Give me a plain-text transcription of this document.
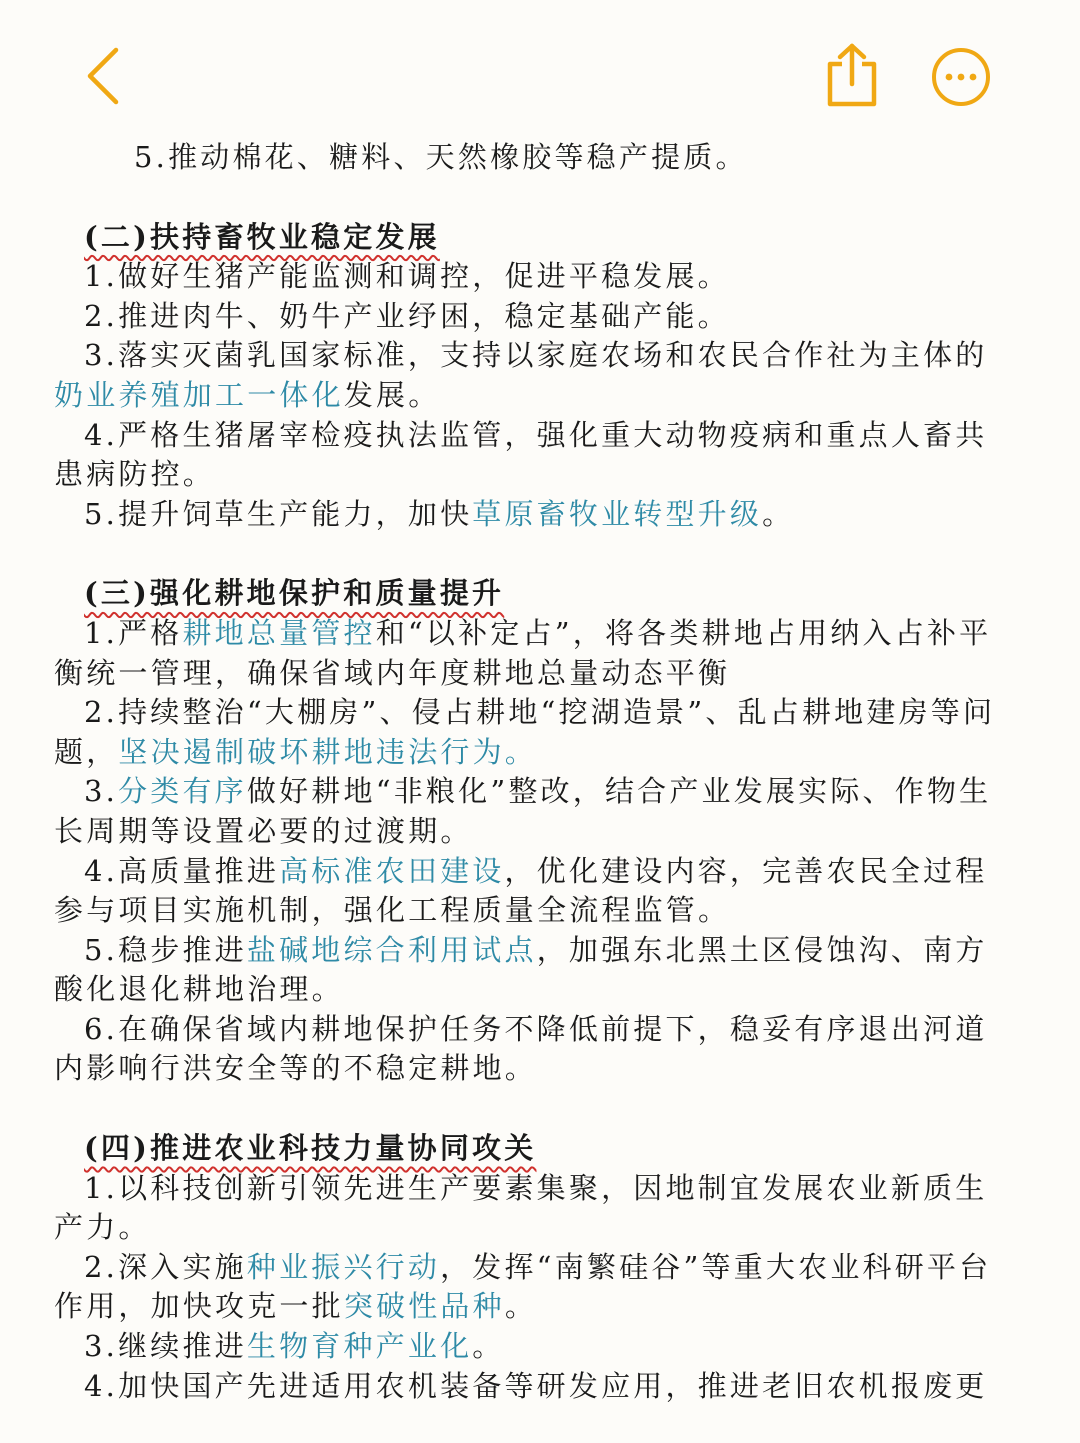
5.推动棉花、糖料、天然橡胶等稳产提质。

(二)扶持畜牧业稳定发展

1.做好生猪产能监测和调控，促进平稳发展。

2.推进肉牛、奶牛产业纾困，稳定基础产能。

3.落实灭菌乳国家标准，支持以家庭农场和农民合作社为主体的奶业养殖加工一体化发展。

4.严格生猪屠宰检疫执法监管，强化重大动物疫病和重点人畜共患病防控。

5.提升饲草生产能力，加快草原畜牧业转型升级。

(三)强化耕地保护和质量提升

1.严格耕地总量管控和“以补定占”，将各类耕地占用纳入占补平衡统一管理，确保省域内年度耕地总量动态平衡

2.持续整治“大棚房”、侵占耕地“挖湖造景”、乱占耕地建房等问题，坚决遏制破坏耕地违法行为。

3.分类有序做好耕地“非粮化”整改，结合产业发展实际、作物生长周期等设置必要的过渡期。

4.高质量推进高标准农田建设，优化建设内容，完善农民全过程参与项目实施机制，强化工程质量全流程监管。

5.稳步推进盐碱地综合利用试点，加强东北黑土区侵蚀沟、南方酸化退化耕地治理。

6.在确保省域内耕地保护任务不降低前提下，稳妥有序退出河道内影响行洪安全等的不稳定耕地。

(四)推进农业科技力量协同攻关

1.以科技创新引领先进生产要素集聚，因地制宜发展农业新质生产力。

2.深入实施种业振兴行动，发挥“南繁硅谷”等重大农业科研平台作用，加快攻克一批突破性品种。

3.继续推进生物育种产业化。

4.加快国产先进适用农机装备等研发应用，推进老旧农机报废更
